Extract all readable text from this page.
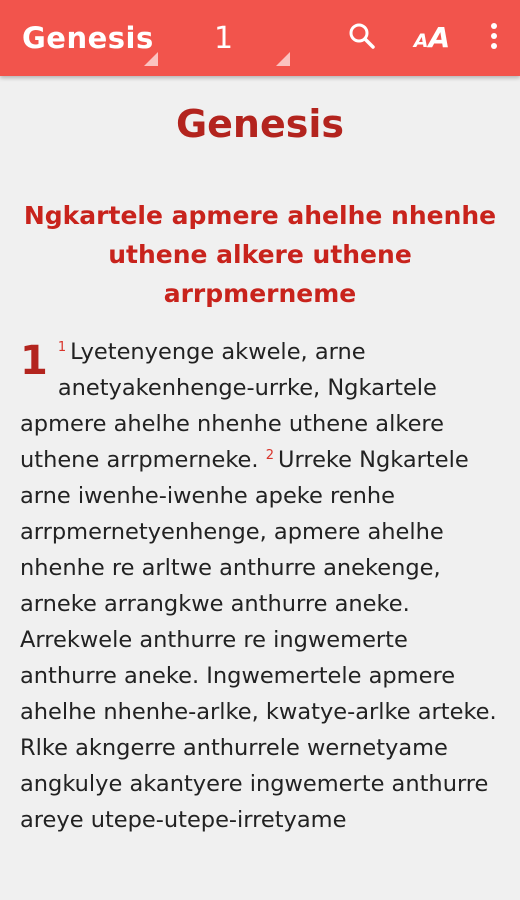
Genesis 1	AA
Genesis
Ngkartele apmere ahelhe nhenhe uthene alkere uthene arrpmerneme

1 $^1$ Lyetenyenge akwele, arne anetyakenhenge-urrke, Ngkartele apmere ahelhe nhenhe uthene alkere uthene arrpmerneke. $^2$ Urreke Ngkartele arne iwenhe-iwenhe apeke renhe arrpmernetyenhenge, apmere ahelhe nhenhe re arltwe anthurre anekenge, arneke arrangkwe anthurre aneke. Arrekwele anthurre re ingwemerte anthurre aneke. Ingwemertele apmere ahelhe nhenhe-arlke, kwatye-arlke arteke. Rlke akngerre anthurrele wernetyame angkulye akantyere ingwemerte anthurre areye utepe-utepe-irretyame
